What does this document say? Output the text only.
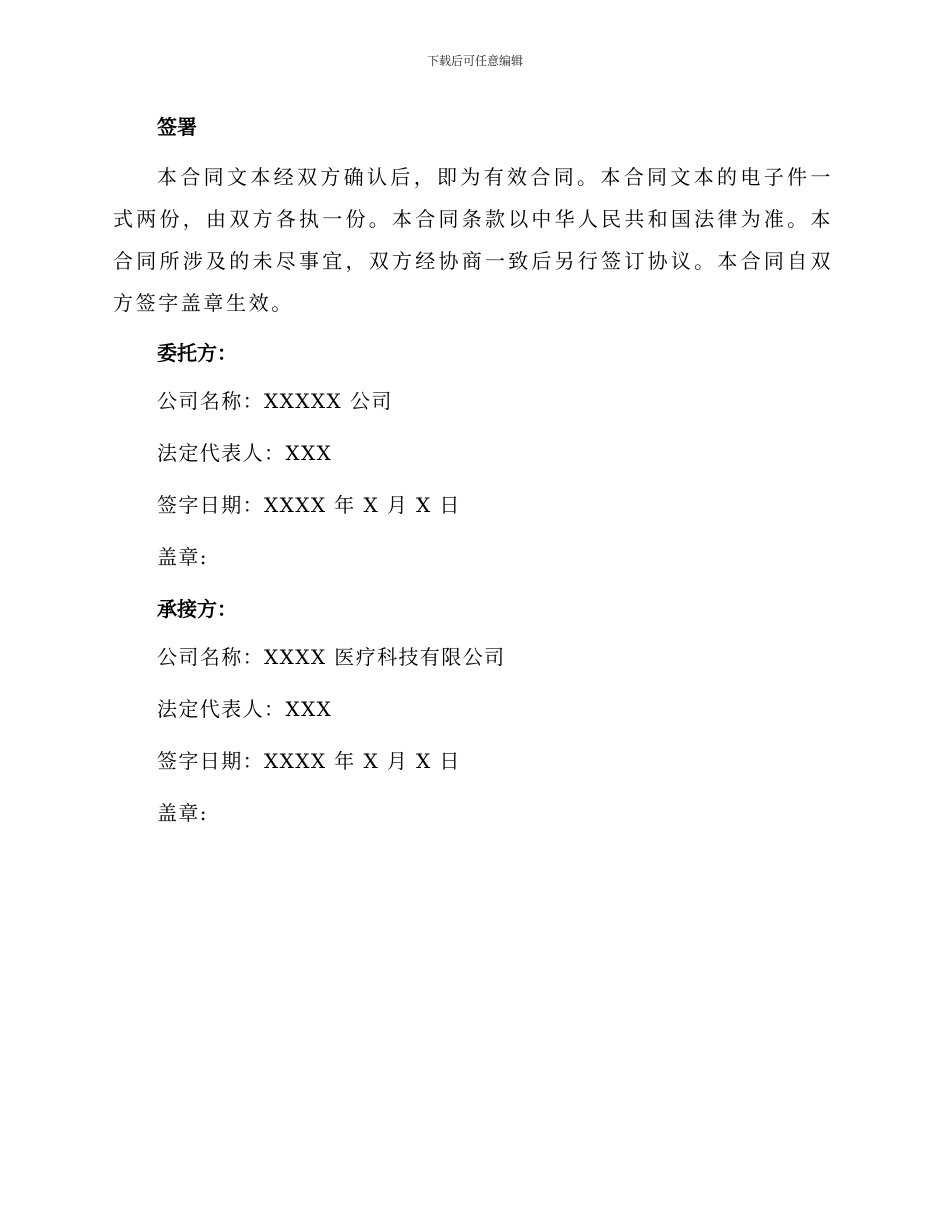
下载后可任意编辑
签署

本合同文本经双方确认后，即为有效合同。本合同文本的电子件一式两份，由双方各执一份。本合同条款以中华人民共和国法律为准。本合同所涉及的未尽事宜，双方经协商一致后另行签订协议。本合同自双方签字盖章生效。

委托方：
公司名称：XXXXX 公司
法定代表人：XXX
签字日期：XXXX 年 X 月 X 日
盖章:
承接方：
公司名称：XXXX 医疗科技有限公司
法定代表人：XXX
签字日期：XXXX 年 X 月 X 日
盖章:
